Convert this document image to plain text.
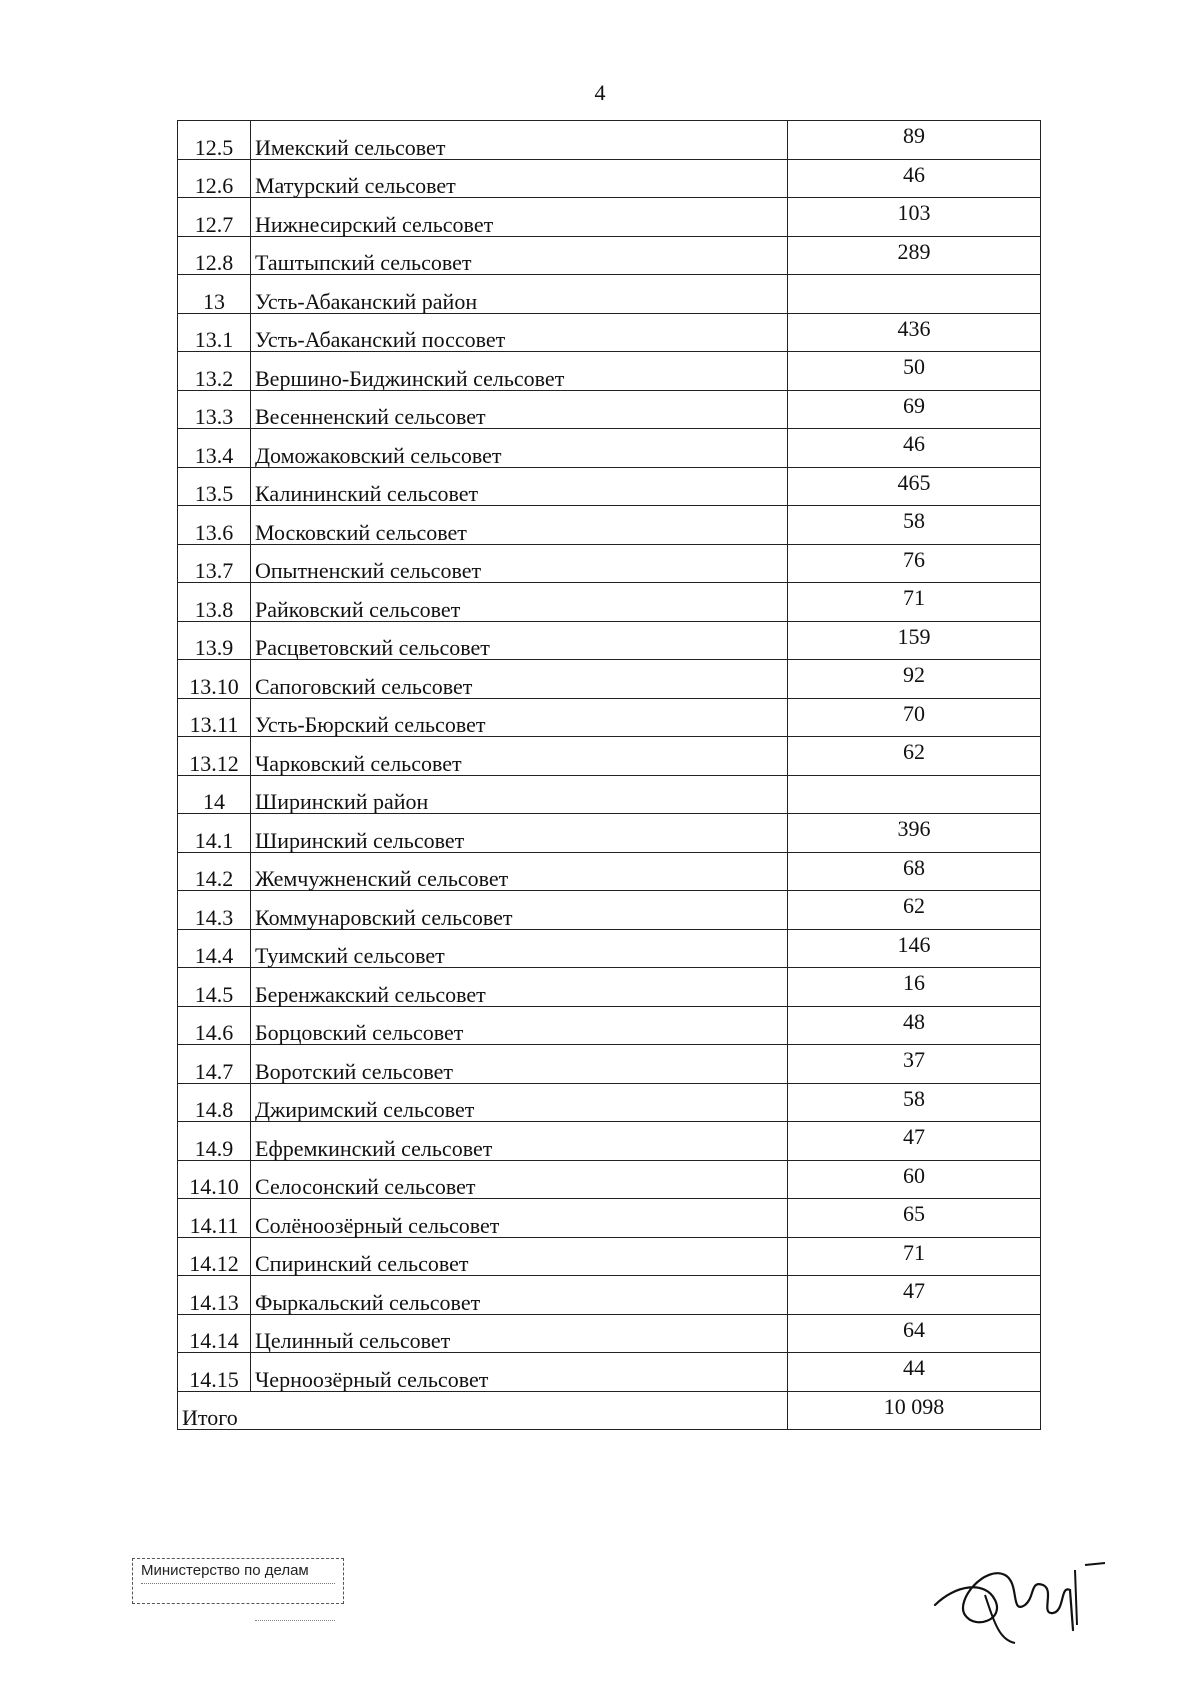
4
12.5	Имекский сельсовет	89
12.6	Матурский сельсовет	46
12.7	Нижнесирский сельсовет	103
12.8	Таштыпский сельсовет	289
13	Усть-Абаканский район	
13.1	Усть-Абаканский поссовет	436
13.2	Вершино-Биджинский сельсовет	50
13.3	Весенненский сельсовет	69
13.4	Доможаковский сельсовет	46
13.5	Калининский сельсовет	465
13.6	Московский сельсовет	58
13.7	Опытненский сельсовет	76
13.8	Райковский сельсовет	71
13.9	Расцветовский сельсовет	159
13.10	Сапоговский сельсовет	92
13.11	Усть-Бюрский сельсовет	70
13.12	Чарковский сельсовет	62
14	Ширинский район	
14.1	Ширинский сельсовет	396
14.2	Жемчужненский сельсовет	68
14.3	Коммунаровский сельсовет	62
14.4	Туимский сельсовет	146
14.5	Беренжакский сельсовет	16
14.6	Борцовский сельсовет	48
14.7	Воротский сельсовет	37
14.8	Джиримский сельсовет	58
14.9	Ефремкинский сельсовет	47
14.10	Селосонский сельсовет	60
14.11	Солёноозёрный сельсовет	65
14.12	Спиринский сельсовет	71
14.13	Фыркальский сельсовет	47
14.14	Целинный сельсовет	64
14.15	Черноозёрный сельсовет	44
Итого		10 098
Министерство по делам
